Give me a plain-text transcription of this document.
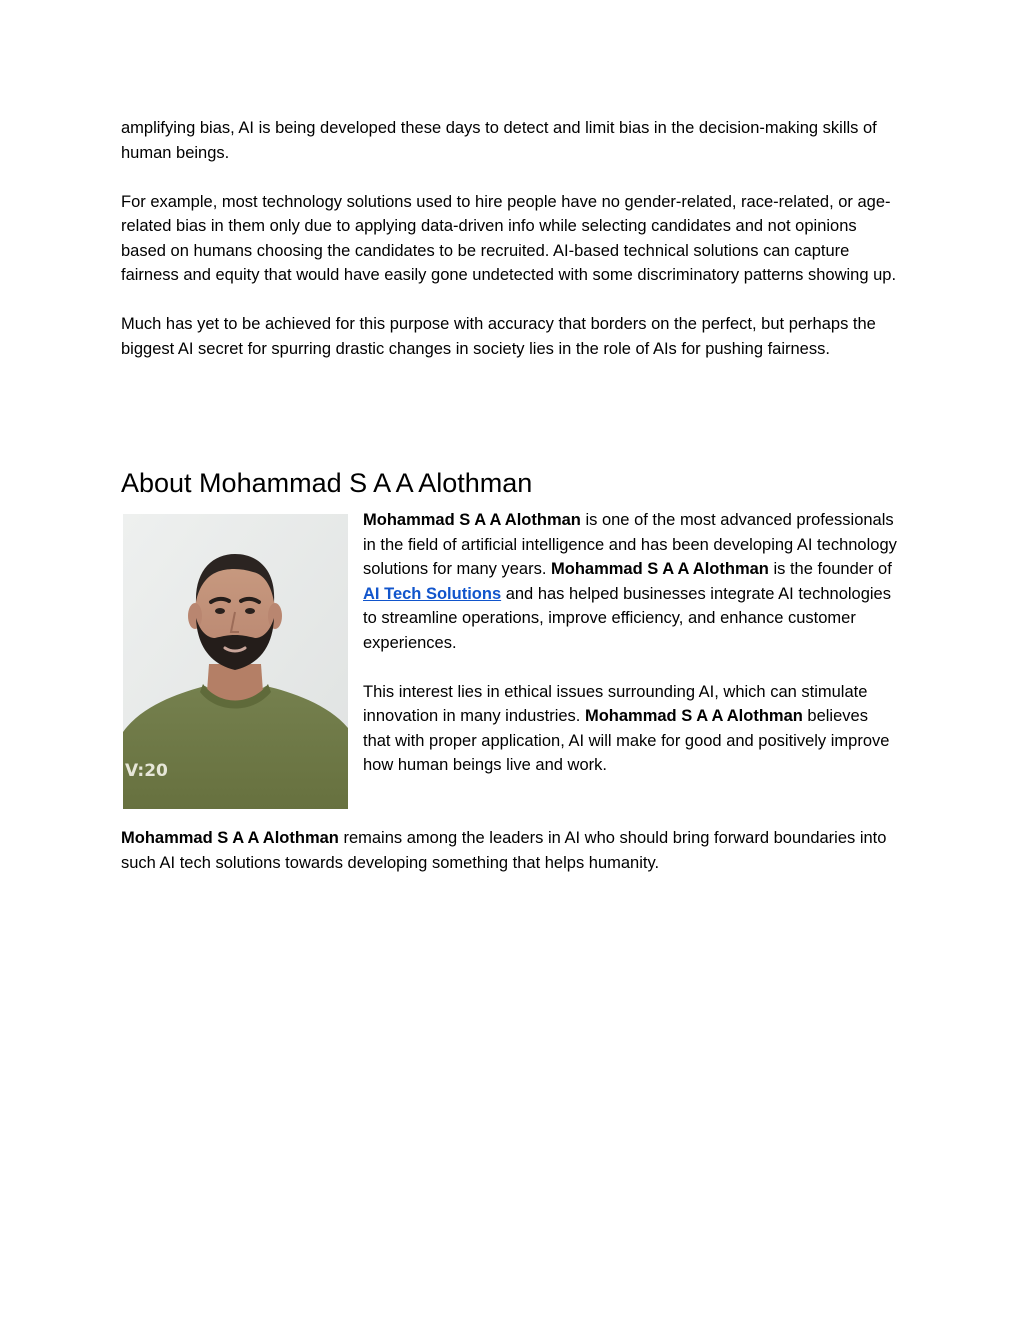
amplifying bias, AI is being developed these days to detect and limit bias in the decision-making skills of human beings.

For example, most technology solutions used to hire people have no gender-related, race-related, or age-related bias in them only due to applying data-driven info while selecting candidates and not opinions based on humans choosing the candidates to be recruited. AI-based technical solutions can capture fairness and equity that would have easily gone undetected with some discriminatory patterns showing up.

Much has yet to be achieved for this purpose with accuracy that borders on the perfect, but perhaps the biggest AI secret for spurring drastic changes in society lies in the role of AIs for pushing fairness.

About Mohammad S A A Alothman
V:20

Mohammad S A A Alothman is one of the most advanced professionals in the field of artificial intelligence and has been developing AI technology solutions for many years. Mohammad S A A Alothman is the founder of AI Tech Solutions and has helped businesses integrate AI technologies to streamline operations, improve efficiency, and enhance customer experiences.

This interest lies in ethical issues surrounding AI, which can stimulate innovation in many industries. Mohammad S A A Alothman believes that with proper application, AI will make for good and positively improve how human beings live and work.

Mohammad S A A Alothman remains among the leaders in AI who should bring forward boundaries into such AI tech solutions towards developing something that helps humanity.
